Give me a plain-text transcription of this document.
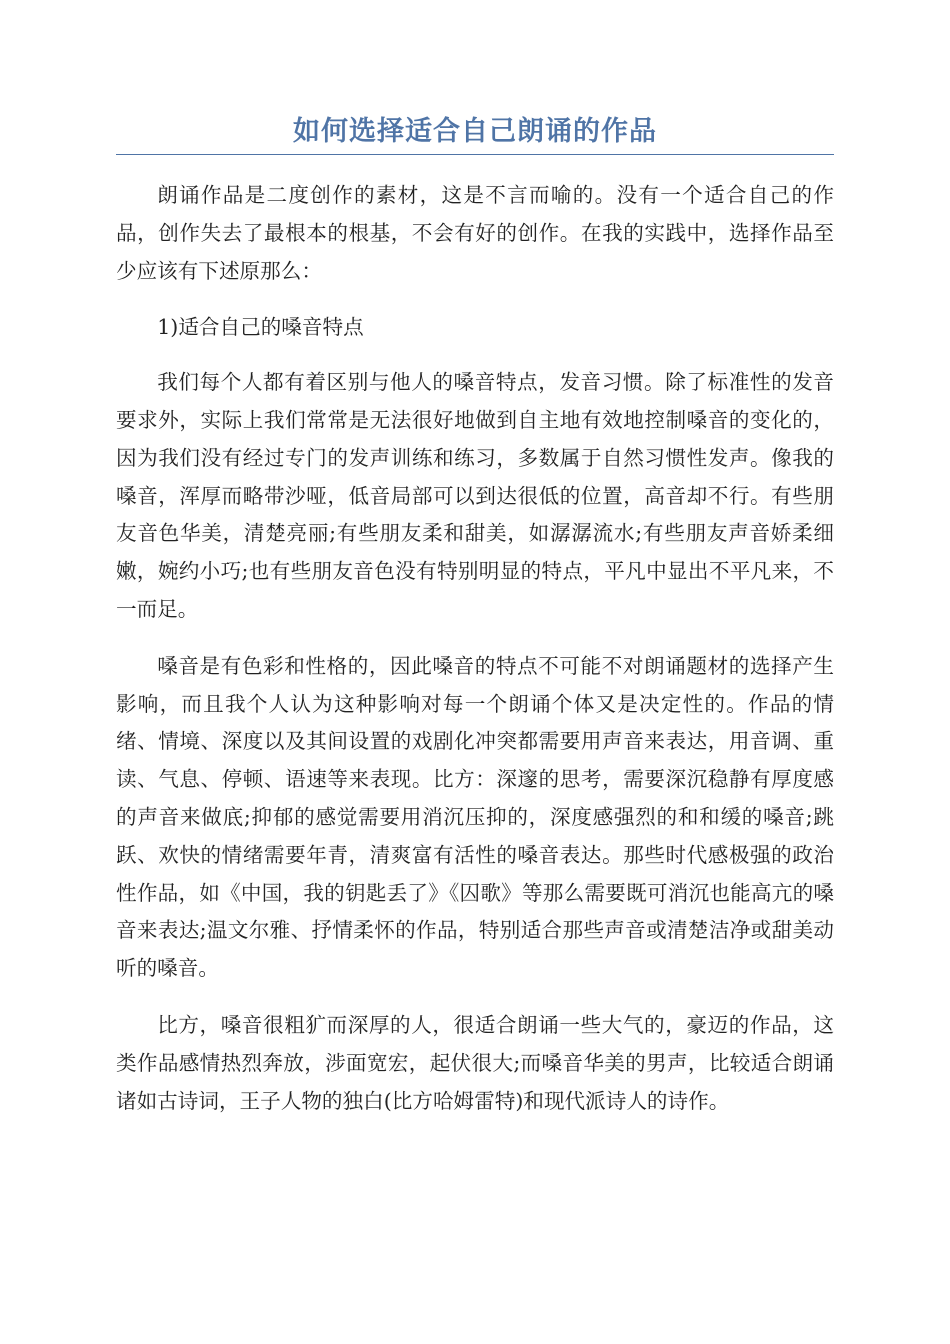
如何选择适合自己朗诵的作品

朗诵作品是二度创作的素材，这是不言而喻的。没有一个适合自己的作品，创作失去了最根本的根基，不会有好的创作。在我的实践中，选择作品至少应该有下述原那么：

1)适合自己的嗓音特点

我们每个人都有着区别与他人的嗓音特点，发音习惯。除了标准性的发音要求外，实际上我们常常是无法很好地做到自主地有效地控制嗓音的变化的，因为我们没有经过专门的发声训练和练习，多数属于自然习惯性发声。像我的嗓音，浑厚而略带沙哑，低音局部可以到达很低的位置，高音却不行。有些朋友音色华美，清楚亮丽;有些朋友柔和甜美，如潺潺流水;有些朋友声音娇柔细嫩，婉约小巧;也有些朋友音色没有特别明显的特点，平凡中显出不平凡来，不一而足。

嗓音是有色彩和性格的，因此嗓音的特点不可能不对朗诵题材的选择产生影响，而且我个人认为这种影响对每一个朗诵个体又是决定性的。作品的情绪、情境、深度以及其间设置的戏剧化冲突都需要用声音来表达，用音调、重读、气息、停顿、语速等来表现。比方：深邃的思考，需要深沉稳静有厚度感的声音来做底;抑郁的感觉需要用消沉压抑的，深度感强烈的和和缓的嗓音;跳跃、欢快的情绪需要年青，清爽富有活性的嗓音表达。那些时代感极强的政治性作品，如《中国，我的钥匙丢了》《囚歌》等那么需要既可消沉也能高亢的嗓音来表达;温文尔雅、抒情柔怀的作品，特别适合那些声音或清楚洁净或甜美动听的嗓音。

比方，嗓音很粗犷而深厚的人，很适合朗诵一些大气的，豪迈的作品，这类作品感情热烈奔放，涉面宽宏，起伏很大;而嗓音华美的男声，比较适合朗诵诸如古诗词，王子人物的独白(比方哈姆雷特)和现代派诗人的诗作。
